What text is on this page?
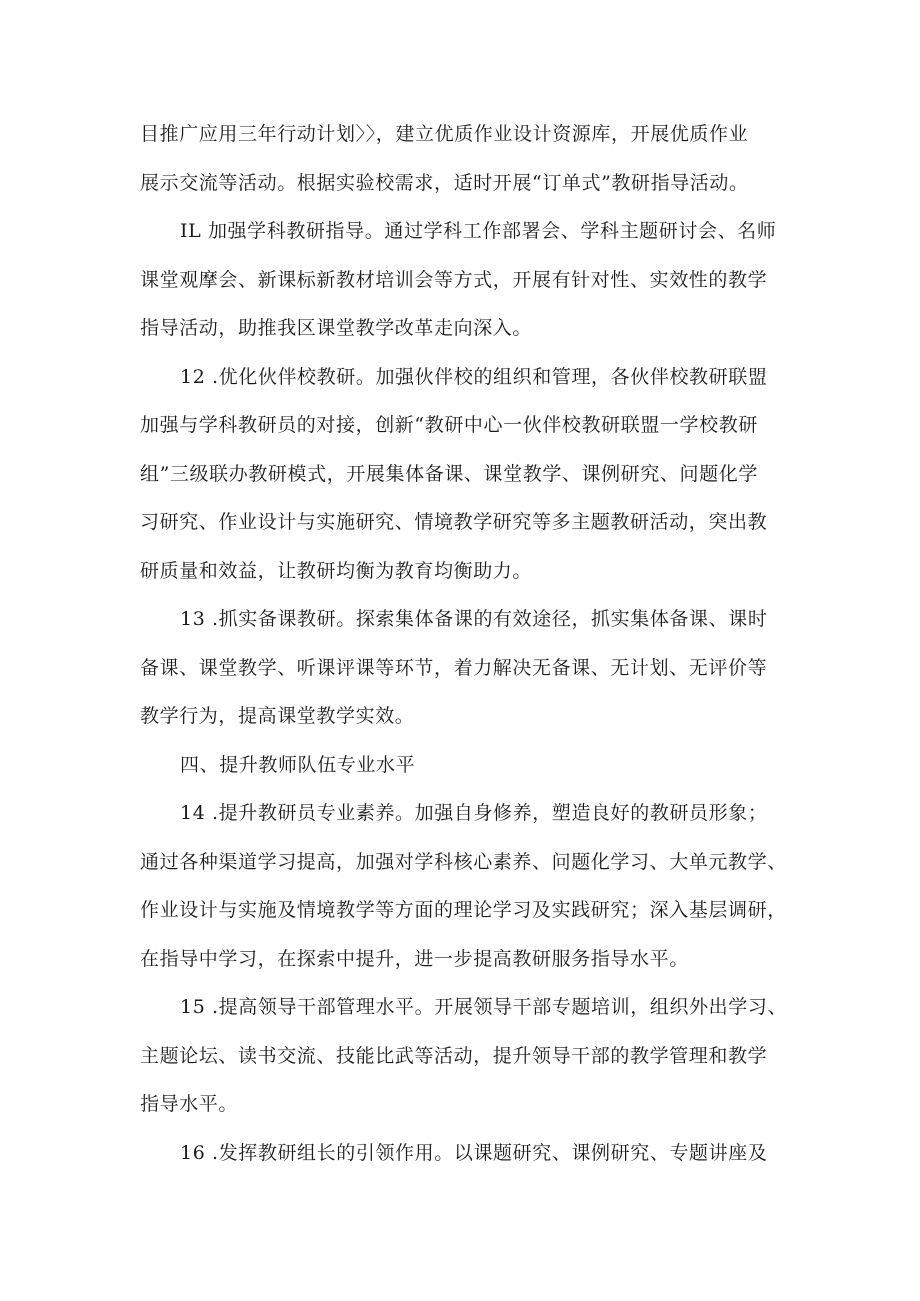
目推广应用三年行动计划〉〉，建立优质作业设计资源库，开展优质作业
展示交流等活动。根据实验校需求，适时开展“订单式”教研指导活动。
IL 加强学科教研指导。通过学科工作部署会、学科主题研讨会、名师
课堂观摩会、新课标新教材培训会等方式，开展有针对性、实效性的教学
指导活动，助推我区课堂教学改革走向深入。
12 .优化伙伴校教研。加强伙伴校的组织和管理，各伙伴校教研联盟
加强与学科教研员的对接，创新“教研中心一伙伴校教研联盟一学校教研
组”三级联办教研模式，开展集体备课、课堂教学、课例研究、问题化学
习研究、作业设计与实施研究、情境教学研究等多主题教研活动，突出教
研质量和效益，让教研均衡为教育均衡助力。
13 .抓实备课教研。探索集体备课的有效途径，抓实集体备课、课时
备课、课堂教学、听课评课等环节，着力解决无备课、无计划、无评价等
教学行为，提高课堂教学实效。
四、提升教师队伍专业水平
14 .提升教研员专业素养。加强自身修养，塑造良好的教研员形象；
通过各种渠道学习提高，加强对学科核心素养、问题化学习、大单元教学、
作业设计与实施及情境教学等方面的理论学习及实践研究；深入基层调研，
在指导中学习，在探索中提升，进一步提高教研服务指导水平。
15 .提高领导干部管理水平。开展领导干部专题培训，组织外出学习、
主题论坛、读书交流、技能比武等活动，提升领导干部的教学管理和教学
指导水平。
16 .发挥教研组长的引领作用。以课题研究、课例研究、专题讲座及
